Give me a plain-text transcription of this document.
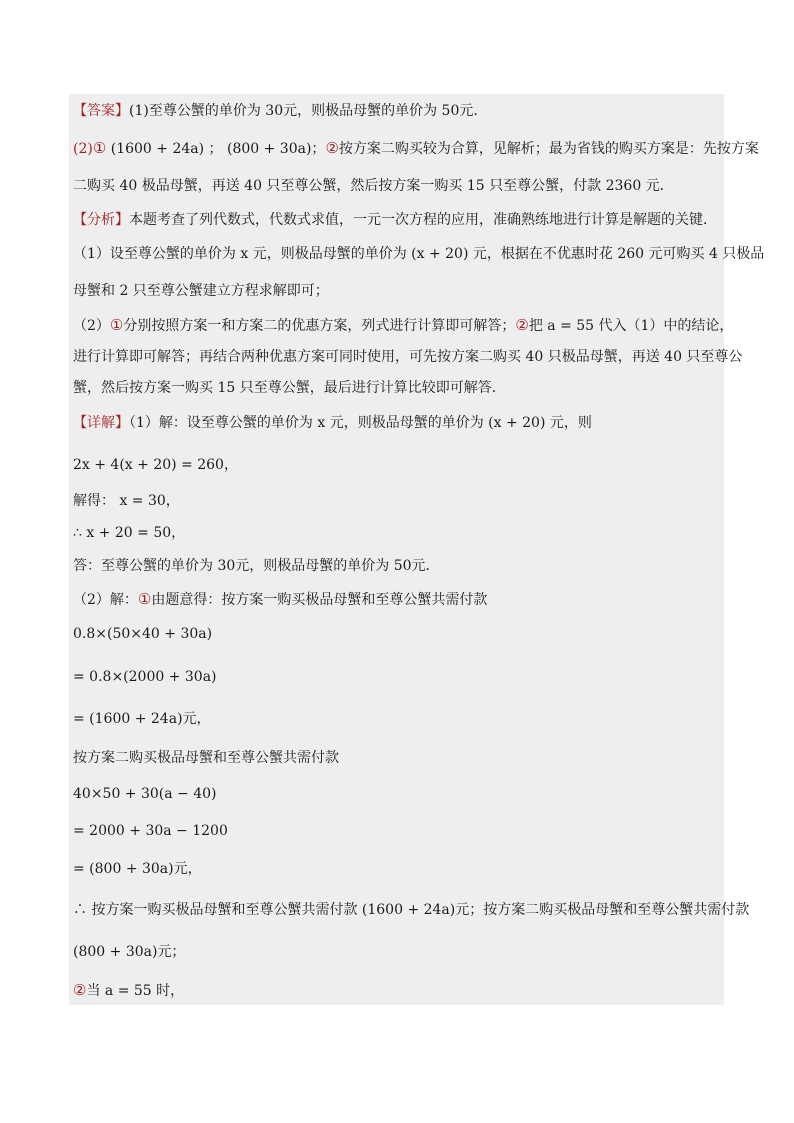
【答案】(1)至尊公蟹的单价为 30元，则极品母蟹的单价为 50元.
(2)① (1600 + 24a) ； (800 + 30a)；②按方案二购买较为合算，见解析；最为省钱的购买方案是：先按方案
二购买 40 极品母蟹，再送 40 只至尊公蟹，然后按方案一购买 15 只至尊公蟹，付款 2360 元．
【分析】本题考查了列代数式，代数式求值，一元一次方程的应用，准确熟练地进行计算是解题的关键．
（1）设至尊公蟹的单价为 x 元，则极品母蟹的单价为 (x + 20) 元，根据在不优惠时花 260 元可购买 4 只极品
母蟹和 2 只至尊公蟹建立方程求解即可；
（2）①分别按照方案一和方案二的优惠方案，列式进行计算即可解答；②把 a = 55 代入（1）中的结论，
进行计算即可解答；再结合两种优惠方案可同时使用，可先按方案二购买 40 只极品母蟹，再送 40 只至尊公
蟹，然后按方案一购买 15 只至尊公蟹，最后进行计算比较即可解答．
【详解】（1）解：设至尊公蟹的单价为 x 元，则极品母蟹的单价为 (x + 20) 元，则
2x + 4(x + 20) = 260，
解得： x = 30，
∴ x + 20 = 50，
答：至尊公蟹的单价为 30元，则极品母蟹的单价为 50元．
（2）解：①由题意得：按方案一购买极品母蟹和至尊公蟹共需付款
0.8×(50×40 + 30a)
= 0.8×(2000 + 30a)
= (1600 + 24a)元，
按方案二购买极品母蟹和至尊公蟹共需付款
40×50 + 30(a − 40)
= 2000 + 30a − 1200
= (800 + 30a)元，
∴ 按方案一购买极品母蟹和至尊公蟹共需付款 (1600 + 24a)元；按方案二购买极品母蟹和至尊公蟹共需付款
(800 + 30a)元；
②当 a = 55 时，
